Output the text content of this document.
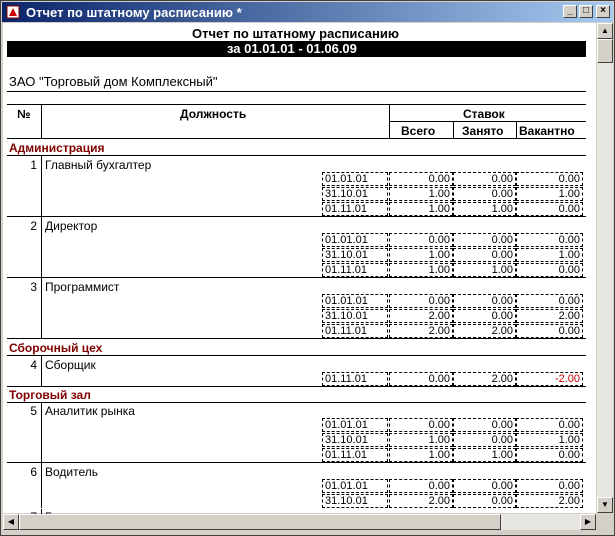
Отчет по штатному расписанию *	_	□	×
Отчет по штатному расписанию
за 01.01.01 - 01.06.09
ЗАО "Торговый дом Комплексный"
№	Должность	Ставок
Всего Занято Вакантно
Администрация
1 Главный бухгалтер
01.01.01	0.00	0.00	0.00
31.10.01	1.00	0.00	1.00
01.11.01	1.00	1.00	0.00
2 Директор
01.01.01	0.00	0.00	0.00
31.10.01	1.00	0.00	1.00
01.11.01	1.00	1.00	0.00
3 Программист
01.01.01	0.00	0.00	0.00
31.10.01	2.00	0.00	2.00
01.11.01	2.00	2.00	0.00
Сборочный цех
4 Сборщик
01.11.01	0.00	2.00	-2.00
Торговый зал
5 Аналитик рынка
01.01.01	0.00	0.00	0.00
31.10.01	1.00	0.00	1.00
01.11.01	1.00	1.00	0.00
6 Водитель
01.01.01	0.00	0.00	0.00
31.10.01	2.00	0.00	2.00
▲
▼
◀	▶
